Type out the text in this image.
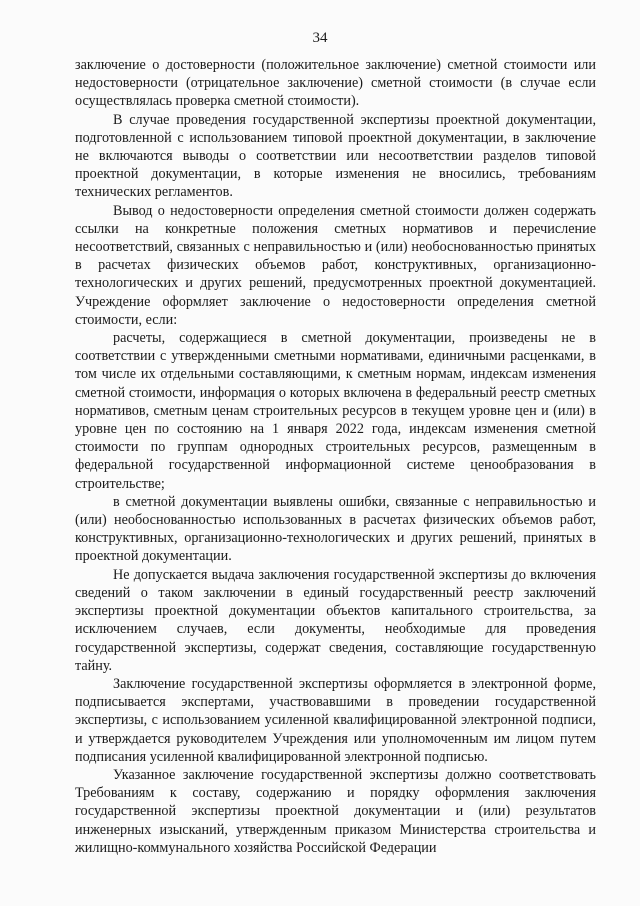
34

заключение о достоверности (положительное заключение) сметной стоимости или недостоверности (отрицательное заключение) сметной стоимости (в случае если осуществлялась проверка сметной стоимости).

В случае проведения государственной экспертизы проектной документации, подготовленной с использованием типовой проектной документации, в заключение не включаются выводы о соответствии или несоответствии разделов типовой проектной документации, в которые изменения не вносились, требованиям технических регламентов.

Вывод о недостоверности определения сметной стоимости должен содержать ссылки на конкретные положения сметных нормативов и перечисление несоответствий, связанных с неправильностью и (или) необоснованностью принятых в расчетах физических объемов работ, конструктивных, организационно-технологических и других решений, предусмотренных проектной документацией. Учреждение оформляет заключение о недостоверности определения сметной стоимости, если:

расчеты, содержащиеся в сметной документации, произведены не в соответствии с утвержденными сметными нормативами, единичными расценками, в том числе их отдельными составляющими, к сметным нормам, индексам изменения сметной стоимости, информация о которых включена в федеральный реестр сметных нормативов, сметным ценам строительных ресурсов в текущем уровне цен и (или) в уровне цен по состоянию на 1 января 2022 года, индексам изменения сметной стоимости по группам однородных строительных ресурсов, размещенным в федеральной государственной информационной системе ценообразования в строительстве;

в сметной документации выявлены ошибки, связанные с неправильностью и (или) необоснованностью использованных в расчетах физических объемов работ, конструктивных, организационно-технологических и других решений, принятых в проектной документации.

Не допускается выдача заключения государственной экспертизы до включения сведений о таком заключении в единый государственный реестр заключений экспертизы проектной документации объектов капитального строительства, за исключением случаев, если документы, необходимые для проведения государственной экспертизы, содержат сведения, составляющие государственную тайну.

Заключение государственной экспертизы оформляется в электронной форме, подписывается экспертами, участвовавшими в проведении государственной экспертизы, с использованием усиленной квалифицированной электронной подписи, и утверждается руководителем Учреждения или уполномоченным им лицом путем подписания усиленной квалифицированной электронной подписью.

Указанное заключение государственной экспертизы должно соответствовать Требованиям к составу, содержанию и порядку оформления заключения государственной экспертизы проектной документации и (или) результатов инженерных изысканий, утвержденным приказом Министерства строительства и жилищно-коммунального хозяйства Российской Федерации
